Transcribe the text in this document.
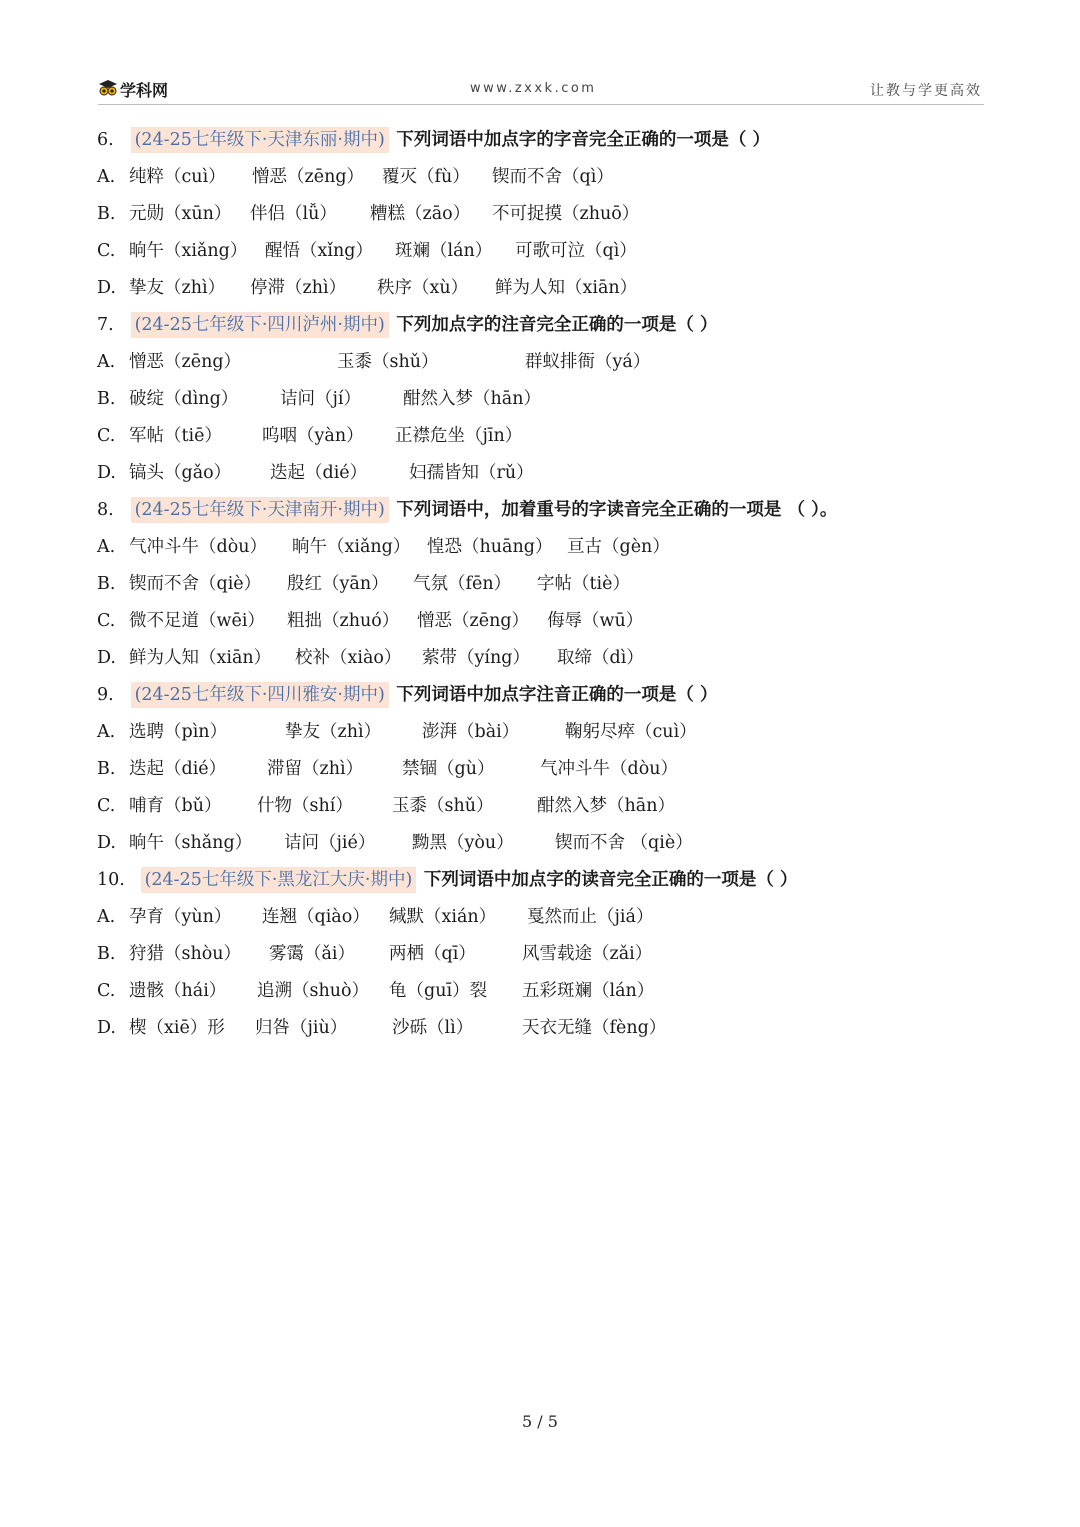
学科网	www.zxxk.com	让教与学更高效
6. (24-25七年级下·天津东丽·期中) 下列词语中加点字的字音完全正确的一项是（ ）
A. 纯粹（cuì） 憎恶（zēng） 覆灭（fù） 锲而不舍（qì）
B. 元勋（xūn） 伴侣（lǚ） 糟糕（zāo） 不可捉摸（zhuō）
C. 晌午（xiǎng） 醒悟（xǐng） 斑斓（lán） 可歌可泣（qì）
D. 挚友（zhì） 停滞（zhì） 秩序（xù） 鲜为人知（xiān）
7. (24-25七年级下·四川泸州·期中) 下列加点字的注音完全正确的一项是（ ）
A. 憎恶（zēng）	玉黍（shǔ）	群蚁排衙（yá）
B. 破绽（dìng） 诘问（jí） 酣然入梦（hān）
C. 军帖（tiē） 呜咽（yàn） 正襟危坐（jīn）
D. 镐头（gǎo） 迭起（dié） 妇孺皆知（rǔ）
8. (24-25七年级下·天津南开·期中) 下列词语中，加着重号的字读音完全正确的一项是 （ ）。
A. 气冲斗牛（dòu） 晌午（xiǎng） 惶恐（huāng） 亘古（gèn）
B. 锲而不舍（qiè） 殷红（yān） 气氛（fēn） 字帖（tiè）
C. 微不足道（wēi） 粗拙（zhuó） 憎恶（zēng） 侮辱（wū）
D. 鲜为人知（xiān） 校补（xiào） 萦带（yíng） 取缔（dì）
9. (24-25七年级下·四川雅安·期中) 下列词语中加点字注音正确的一项是（ ）
A. 选聘（pìn）	挚友（zhì） 澎湃（bài）	鞠躬尽瘁（cuì）
B. 迭起（dié） 滞留（zhì） 禁锢（gù）	气冲斗牛（dòu）
C. 哺育（bǔ） 什物（shí） 玉黍（shǔ） 酣然入梦（hān）
D. 晌午（shǎng） 诘问（jié） 黝黑（yòu） 锲而不舍 （qiè）
10. (24-25七年级下·黑龙江大庆·期中) 下列词语中加点字的读音完全正确的一项是（ ）
A. 孕育（yùn） 连翘（qiào） 缄默（xián） 戛然而止（jiá）
B. 狩猎（shòu） 雾霭（ǎi） 两栖（qī）	风雪载途（zǎi）
C. 遗骸（hái） 追溯（shuò） 龟（guī）裂 五彩斑斓（lán）
D. 楔（xiē）形 归咎（jiù）	沙砾（lì）	天衣无缝（fèng）
5 / 5
